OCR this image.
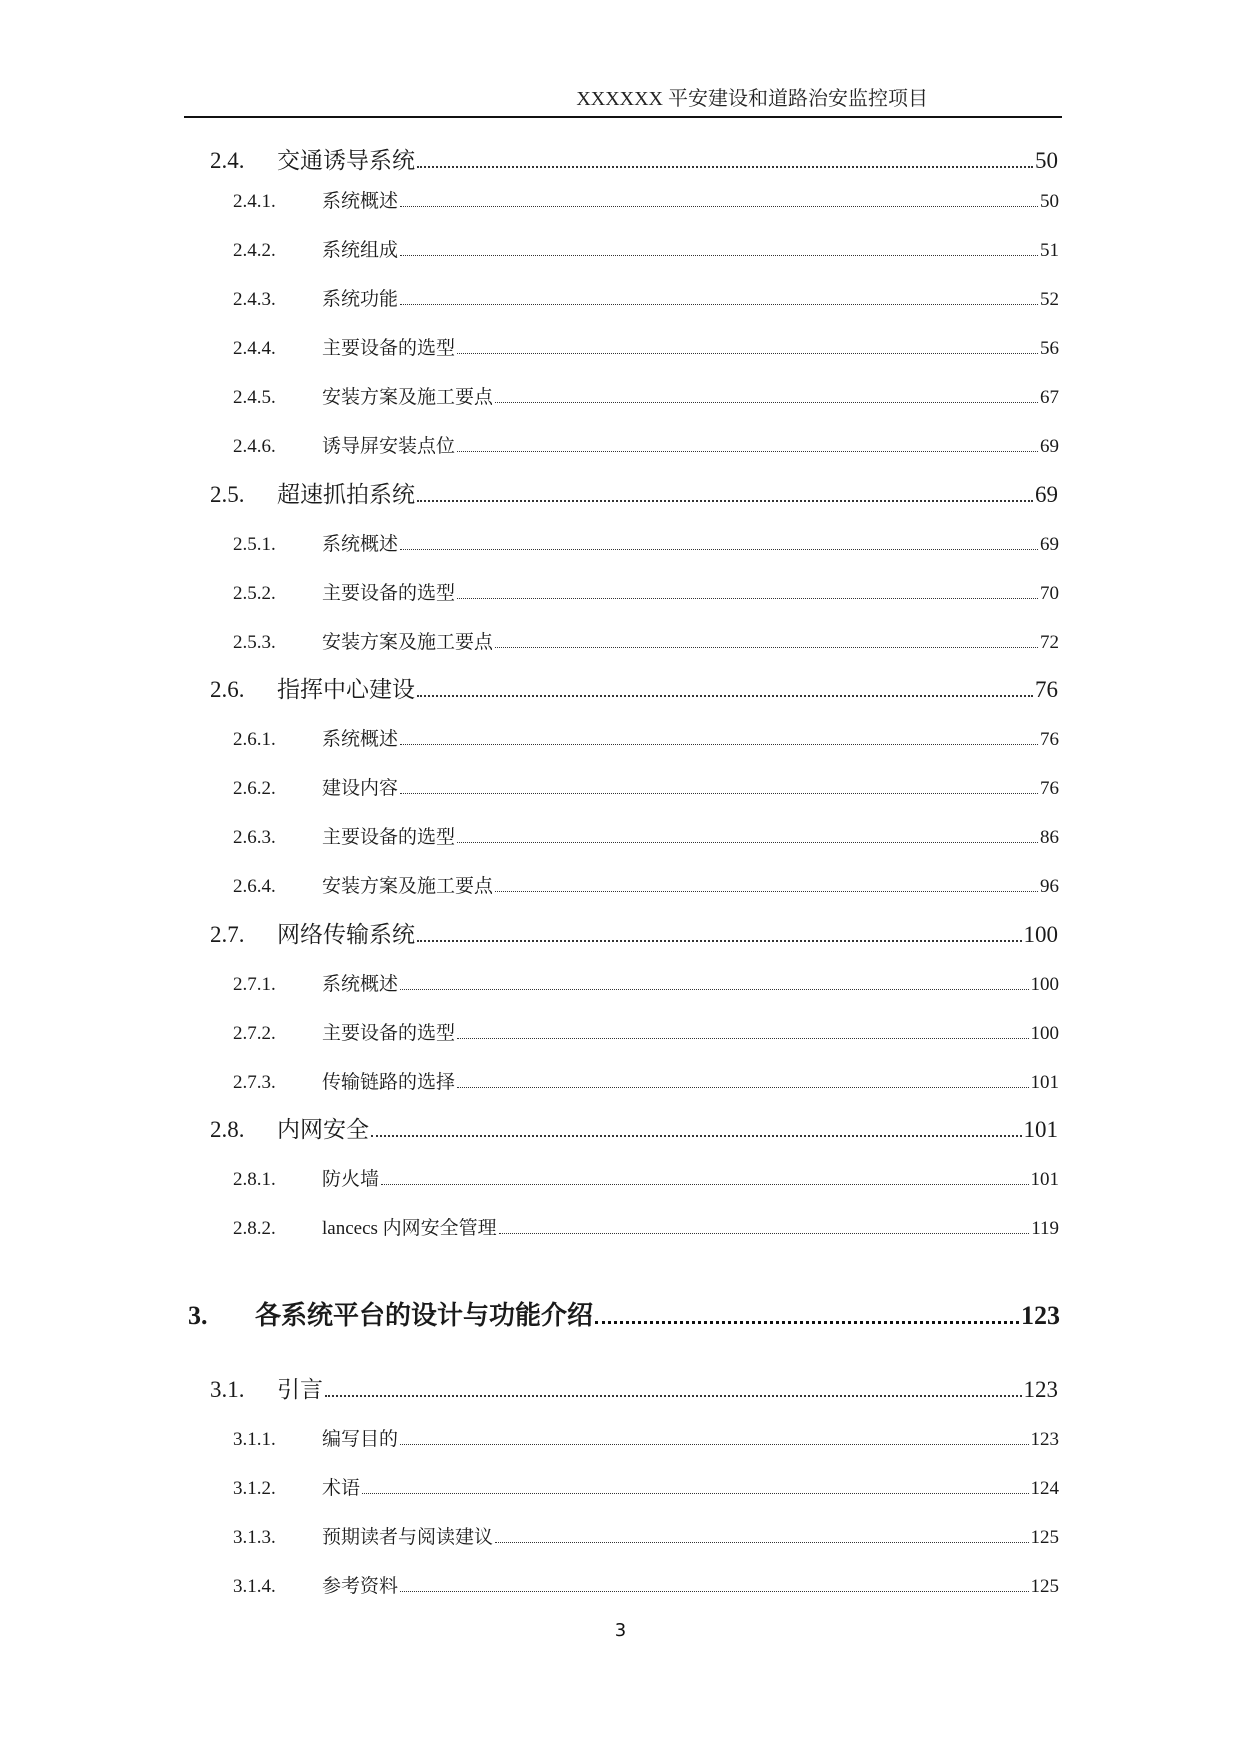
XXXXXX 平安建设和道路治安监控项目
2.4.	交通诱导系统	50
2.4.1.	系统概述	50
2.4.2.	系统组成	51
2.4.3.	系统功能	52
2.4.4.	主要设备的选型	56
2.4.5.	安装方案及施工要点	67
2.4.6.	诱导屏安装点位	69
2.5.	超速抓拍系统	69
2.5.1.	系统概述	69
2.5.2.	主要设备的选型	70
2.5.3.	安装方案及施工要点	72
2.6.	指挥中心建设	76
2.6.1.	系统概述	76
2.6.2.	建设内容	76
2.6.3.	主要设备的选型	86
2.6.4.	安装方案及施工要点	96
2.7.	网络传输系统	100
2.7.1.	系统概述	100
2.7.2.	主要设备的选型	100
2.7.3.	传输链路的选择	101
2.8.	内网安全	101
2.8.1.	防火墙	101
2.8.2.	lancecs 内网安全管理	119
3.	各系统平台的设计与功能介绍	123
3.1.	引言	123
3.1.1.	编写目的	123
3.1.2.	术语	124
3.1.3.	预期读者与阅读建议	125
3.1.4.	参考资料	125
3
